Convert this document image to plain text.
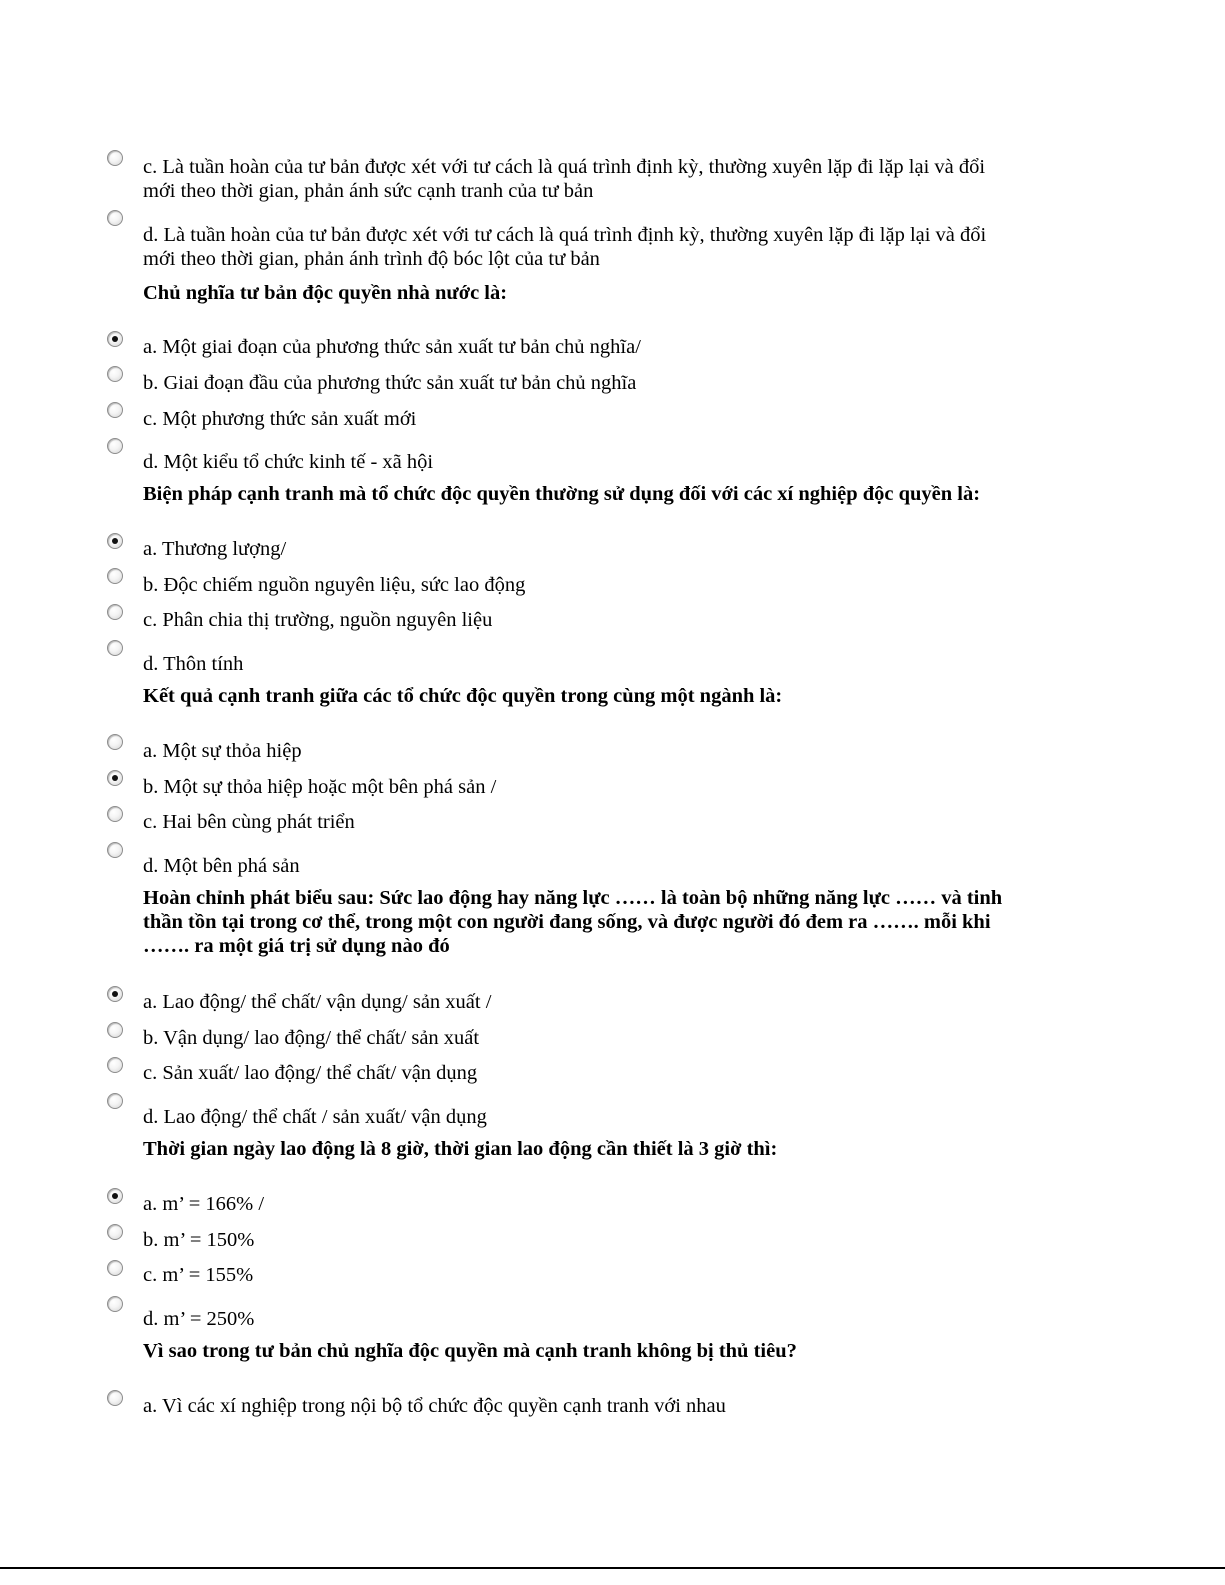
c. Là tuần hoàn của tư bản được xét với tư cách là quá trình định kỳ, thường xuyên lặp đi lặp lại và đổi
mới theo thời gian, phản ánh sức cạnh tranh của tư bản
d. Là tuần hoàn của tư bản được xét với tư cách là quá trình định kỳ, thường xuyên lặp đi lặp lại và đổi
mới theo thời gian, phản ánh trình độ bóc lột của tư bản
Chủ nghĩa tư bản độc quyền nhà nước là:
a. Một giai đoạn của phương thức sản xuất tư bản chủ nghĩa/
b. Giai đoạn đầu của phương thức sản xuất tư bản chủ nghĩa
c. Một phương thức sản xuất mới
d. Một kiểu tổ chức kinh tế - xã hội
Biện pháp cạnh tranh mà tổ chức độc quyền thường sử dụng đối với các xí nghiệp độc quyền là:
a. Thương lượng/
b. Độc chiếm nguồn nguyên liệu, sức lao động
c. Phân chia thị trường, nguồn nguyên liệu
d. Thôn tính
Kết quả cạnh tranh giữa các tổ chức độc quyền trong cùng một ngành là:
a. Một sự thỏa hiệp
b. Một sự thỏa hiệp hoặc một bên phá sản /
c. Hai bên cùng phát triển
d. Một bên phá sản
Hoàn chỉnh phát biểu sau: Sức lao động hay năng lực …… là toàn bộ những năng lực …… và tinh
thần tồn tại trong cơ thể, trong một con người đang sống, và được người đó đem ra ……. mỗi khi
……. ra một giá trị sử dụng nào đó
a. Lao động/ thể chất/ vận dụng/ sản xuất /
b. Vận dụng/ lao động/ thể chất/ sản xuất
c. Sản xuất/ lao động/ thể chất/ vận dụng
d. Lao động/ thể chất / sản xuất/ vận dụng
Thời gian ngày lao động là 8 giờ, thời gian lao động cần thiết là 3 giờ thì:
a. m’ = 166% /
b. m’ = 150%
c. m’ = 155%
d. m’ = 250%
Vì sao trong tư bản chủ nghĩa độc quyền mà cạnh tranh không bị thủ tiêu?
a. Vì các xí nghiệp trong nội bộ tổ chức độc quyền cạnh tranh với nhau
